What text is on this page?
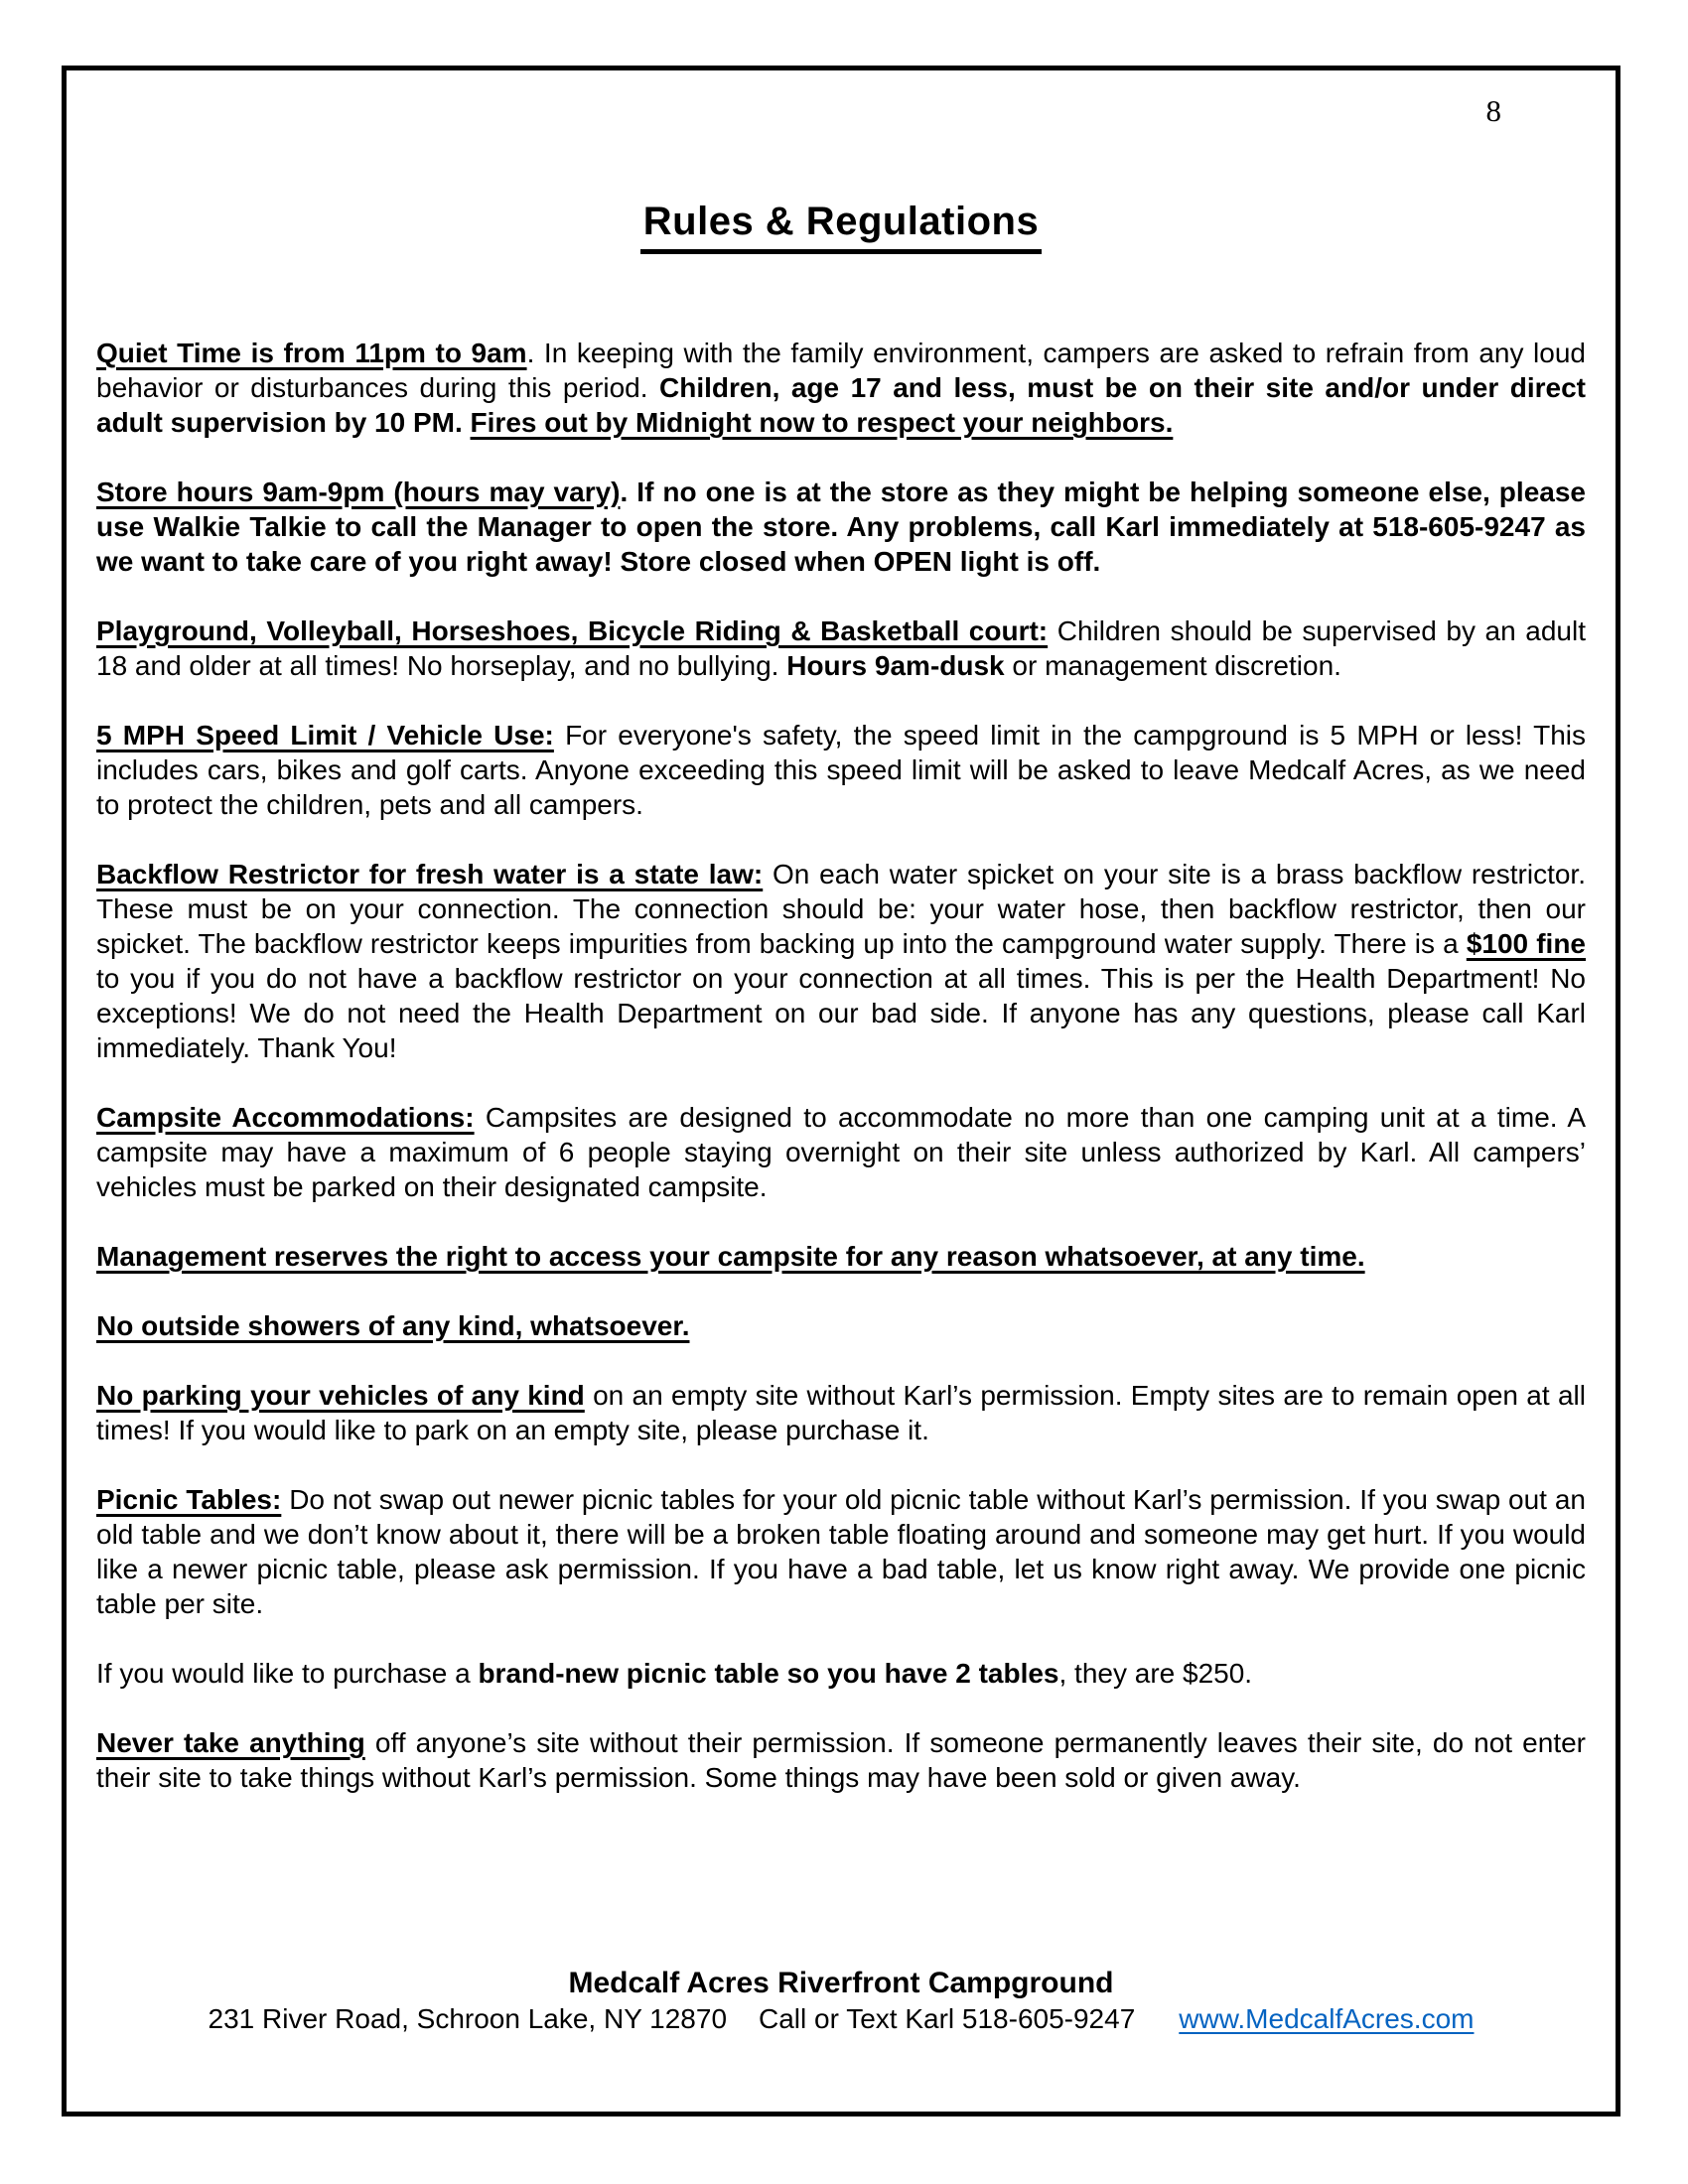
8
Rules & Regulations

Quiet Time is from 11pm to 9am. In keeping with the family environment, campers are asked to refrain from any loud behavior or disturbances during this period. Children, age 17 and less, must be on their site and/or under direct adult supervision by 10 PM. Fires out by Midnight now to respect your neighbors.

Store hours 9am-9pm (hours may vary). If no one is at the store as they might be helping someone else, please use Walkie Talkie to call the Manager to open the store. Any problems, call Karl immediately at 518-605-9247 as we want to take care of you right away! Store closed when OPEN light is off.

Playground, Volleyball, Horseshoes, Bicycle Riding & Basketball court: Children should be supervised by an adult 18 and older at all times! No horseplay, and no bullying. Hours 9am-dusk or management discretion.

5 MPH Speed Limit / Vehicle Use: For everyone's safety, the speed limit in the campground is 5 MPH or less! This includes cars, bikes and golf carts. Anyone exceeding this speed limit will be asked to leave Medcalf Acres, as we need to protect the children, pets and all campers.

Backflow Restrictor for fresh water is a state law: On each water spicket on your site is a brass backflow restrictor. These must be on your connection. The connection should be: your water hose, then backflow restrictor, then our spicket. The backflow restrictor keeps impurities from backing up into the campground water supply. There is a $100 fine to you if you do not have a backflow restrictor on your connection at all times. This is per the Health Department! No exceptions! We do not need the Health Department on our bad side. If anyone has any questions, please call Karl immediately. Thank You!

Campsite Accommodations: Campsites are designed to accommodate no more than one camping unit at a time. A campsite may have a maximum of 6 people staying overnight on their site unless authorized by Karl. All campers’ vehicles must be parked on their designated campsite.

Management reserves the right to access your campsite for any reason whatsoever, at any time.

No outside showers of any kind, whatsoever.

No parking your vehicles of any kind on an empty site without Karl’s permission. Empty sites are to remain open at all times! If you would like to park on an empty site, please purchase it.

Picnic Tables: Do not swap out newer picnic tables for your old picnic table without Karl’s permission. If you swap out an old table and we don’t know about it, there will be a broken table floating around and someone may get hurt. If you would like a newer picnic table, please ask permission. If you have a bad table, let us know right away. We provide one picnic table per site.

If you would like to purchase a brand-new picnic table so you have 2 tables, they are $250.

Never take anything off anyone’s site without their permission. If someone permanently leaves their site, do not enter their site to take things without Karl’s permission. Some things may have been sold or given away.

Medcalf Acres Riverfront Campground
231 River Road, Schroon Lake, NY 12870 Call or Text Karl 518-605-9247 www.MedcalfAcres.com
